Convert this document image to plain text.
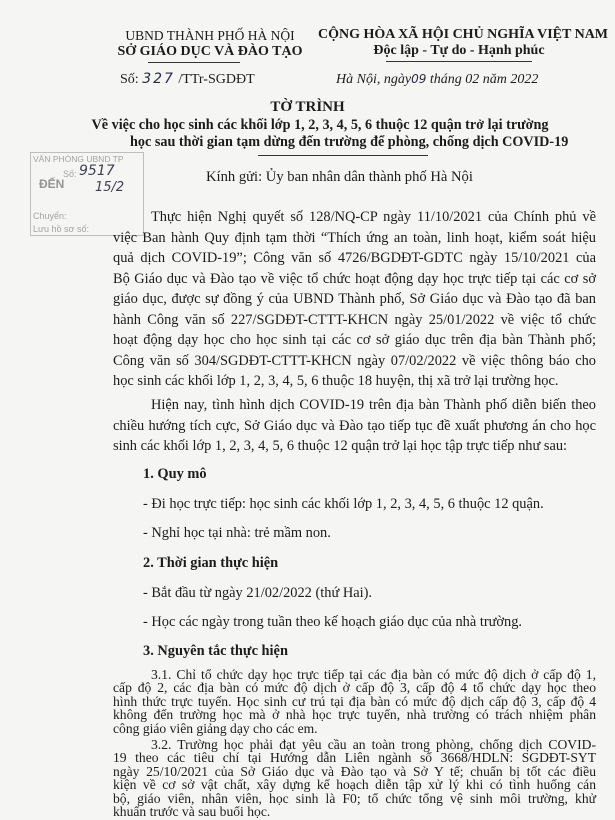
UBND THÀNH PHỐ HÀ NỘI
SỞ GIÁO DỤC VÀ ĐÀO TẠO
Số: 327 /TTr-SGDĐT
CỘNG HÒA XÃ HỘI CHỦ NGHĨA VIỆT NAM
Độc lập - Tự do - Hạnh phúc
Hà Nội, ngày09 tháng 02 năm 2022
TỜ TRÌNH
Về việc cho học sinh các khối lớp 1, 2, 3, 4, 5, 6 thuộc 12 quận trở lại trường
học sau thời gian tạm dừng đến trường để phòng, chống dịch COVID-19
VĂN PHÒNG UBND TP
ĐẾN
Số: 9517
15/2
Chuyển:
Lưu hồ sơ số:
Kính gửi: Ủy ban nhân dân thành phố Hà Nội
Thực hiện Nghị quyết số 128/NQ-CP ngày 11/10/2021 của Chính phủ về
việc Ban hành Quy định tạm thời “Thích ứng an toàn, linh hoạt, kiểm soát hiệu
quả dịch COVID-19”; Công văn số 4726/BGDĐT-GDTC ngày 15/10/2021 của
Bộ Giáo dục và Đào tạo về việc tổ chức hoạt động dạy học trực tiếp tại các cơ sở
giáo dục, được sự đồng ý của UBND Thành phố, Sở Giáo dục và Đào tạo đã ban
hành Công văn số 227/SGDĐT-CTTT-KHCN ngày 25/01/2022 về việc tổ chức
hoạt động dạy học cho học sinh tại các cơ sở giáo dục trên địa bàn Thành phố;
Công văn số 304/SGDĐT-CTTT-KHCN ngày 07/02/2022 về việc thông báo cho
học sinh các khối lớp 1, 2, 3, 4, 5, 6 thuộc 18 huyện, thị xã trở lại trường học.
Hiện nay, tình hình dịch COVID-19 trên địa bàn Thành phố diễn biến theo
chiều hướng tích cực, Sở Giáo dục và Đào tạo tiếp tục đề xuất phương án cho học
sinh các khối lớp 1, 2, 3, 4, 5, 6 thuộc 12 quận trở lại học tập trực tiếp như sau:
1. Quy mô
- Đi học trực tiếp: học sinh các khối lớp 1, 2, 3, 4, 5, 6 thuộc 12 quận.
- Nghỉ học tại nhà: trẻ mầm non.
2. Thời gian thực hiện
- Bắt đầu từ ngày 21/02/2022 (thứ Hai).
- Học các ngày trong tuần theo kế hoạch giáo dục của nhà trường.
3. Nguyên tắc thực hiện
3.1. Chỉ tổ chức dạy học trực tiếp tại các địa bàn có mức độ dịch ở cấp độ 1,
cấp độ 2, các địa bàn có mức độ dịch ở cấp độ 3, cấp độ 4 tổ chức dạy học theo
hình thức trực tuyến. Học sinh cư trú tại địa bàn có mức độ dịch cấp độ 3, cấp độ 4
không đến trường học mà ở nhà học trực tuyến, nhà trường có trách nhiệm phân
công giáo viên giảng dạy cho các em.
3.2. Trường học phải đạt yêu cầu an toàn trong phòng, chống dịch COVID-
19 theo các tiêu chí tại Hướng dẫn Liên ngành số 3668/HDLN: SGDĐT-SYT
ngày 25/10/2021 của Sở Giáo dục và Đào tạo và Sở Y tế; chuẩn bị tốt các điều
kiện về cơ sở vật chất, xây dựng kế hoạch diễn tập xử lý khi có tình huống cán
bộ, giáo viên, nhân viên, học sinh là F0; tổ chức tổng vệ sinh môi trường, khử
khuẩn trước và sau buổi học.
